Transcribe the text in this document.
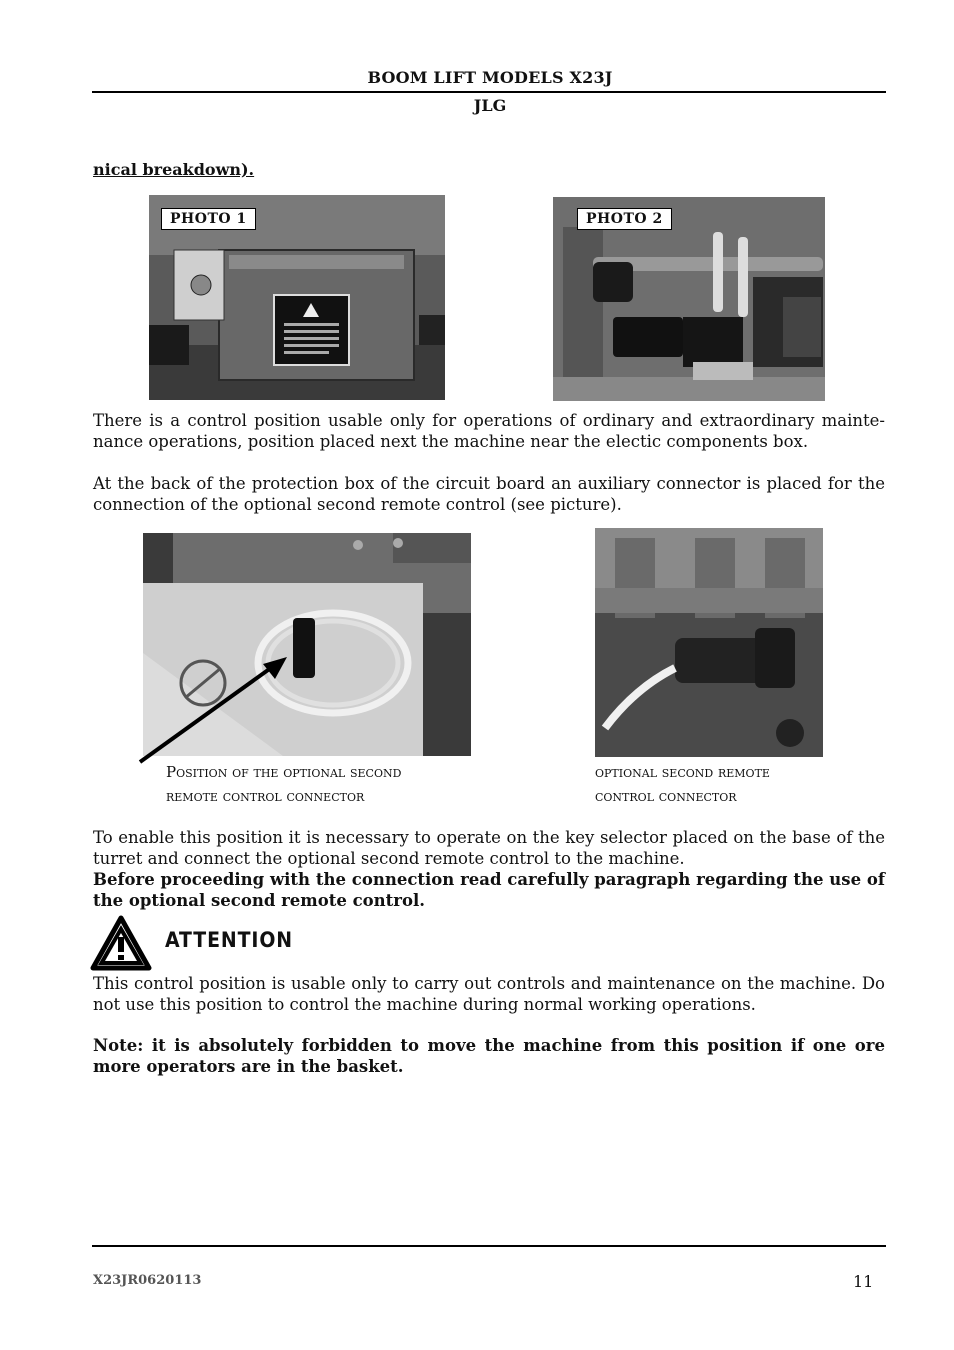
BOOM LIFT MODELS X23J
JLG
nical breakdown).
PHOTO 1	PHOTO 2
There is a control position usable only for operations of ordinary and extraordinary mainte-nance operations, position placed next the machine near the electic components box.
At the back of the protection box of the circuit board an auxiliary connector is placed for the connection of the optional second remote control (see picture).
Position of the optional second
remote control connector
optional second remote
control connector
To enable this position it is necessary to operate on the key selector placed on the base of the turret and connect the optional second remote control to the machine.
Before proceeding with the connection read carefully paragraph regarding the use of the optional second remote control.
ATTENTION
This control position is usable only to carry out controls and maintenance on the machine. Do not use this position to control the machine during normal working operations.
Note: it is absolutely forbidden to move the machine from this position if one ore more operators are in the basket.
X23JR0620113	11
